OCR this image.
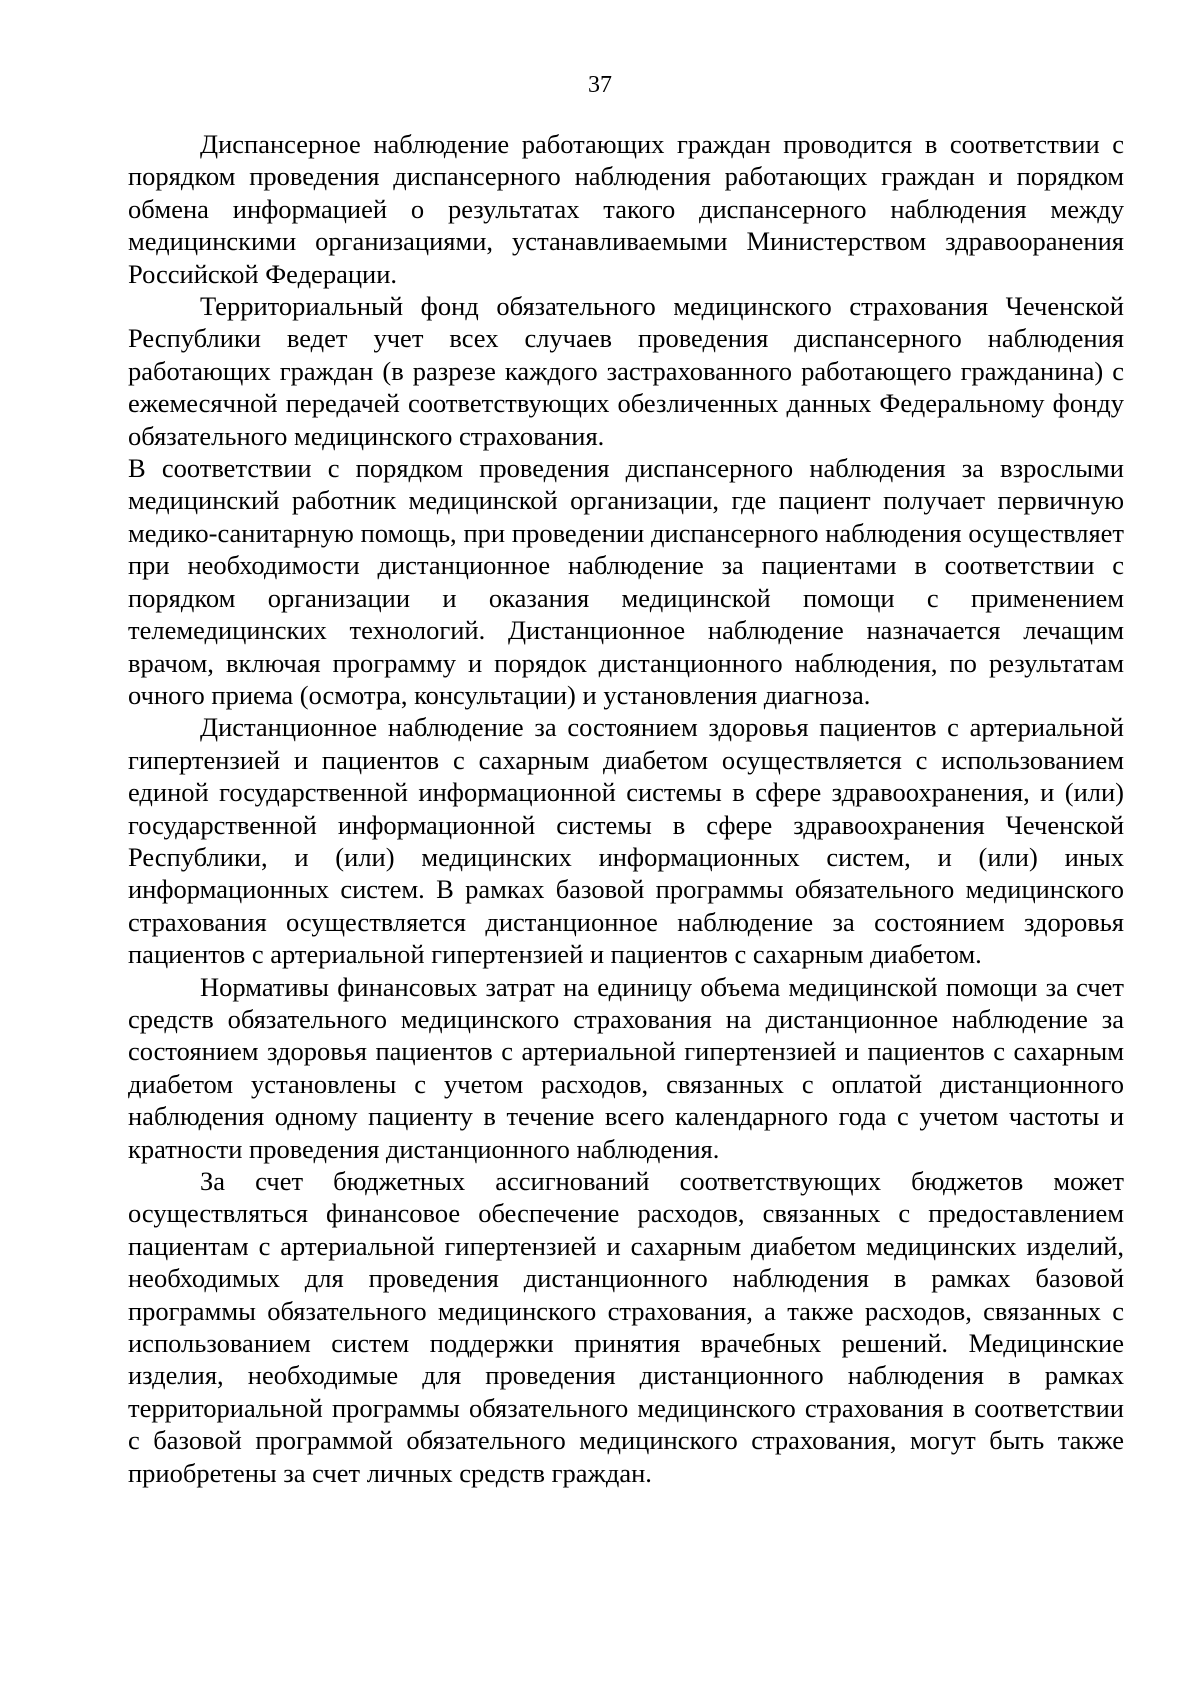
37

Диспансерное наблюдение работающих граждан проводится в соответствии с порядком проведения диспансерного наблюдения работающих граждан и порядком обмена информацией о результатах такого диспансерного наблюдения между медицинскими организациями, устанавливаемыми Министерством здравоoранения Российской Федерации.

Территориальный фонд обязательного медицинского страхования Чеченской Республики ведет учет всех случаев проведения диспансерного наблюдения работающих граждан (в разрезе каждого застрахованного работающего гражданина) с ежемесячной передачей соответствующих обезличенных данных Федеральному фонду обязательного медицинского страхования.

В соответствии с порядком проведения диспансерного наблюдения за взрослыми медицинский работник медицинской организации, где пациент получает первичную медико-санитарную помощь, при проведении диспансерного наблюдения осуществляет при необходимости дистанционное наблюдение за пациентами в соответствии с порядком организации и оказания медицинской помощи с применением телемедицинских технологий. Дистанционное наблюдение назначается лечащим врачом, включая программу и порядок дистанционного наблюдения, по результатам очного приема (осмотра, консультации) и установления диагноза.

Дистанционное наблюдение за состоянием здоровья пациентов с артериальной гипертензией и пациентов с сахарным диабетом осуществляется с использованием единой государственной информационной системы в сфере здравоохранения, и (или) государственной информационной системы в сфере здравоохранения Чеченской Республики, и (или) медицинских информационных систем, и (или) иных информационных систем. В рамках базовой программы обязательного медицинского страхования осуществляется дистанционное наблюдение за состоянием здоровья пациентов с артериальной гипертензией и пациентов с сахарным диабетом.

Нормативы финансовых затрат на единицу объема медицинской помощи за счет средств обязательного медицинского страхования на дистанционное наблюдение за состоянием здоровья пациентов с артериальной гипертензией и пациентов с сахарным диабетом установлены с учетом расходов, связанных с оплатой дистанционного наблюдения одному пациенту в течение всего календарного года с учетом частоты и кратности проведения дистанционного наблюдения.

За счет бюджетных ассигнований соответствующих бюджетов может осуществляться финансовое обеспечение расходов, связанных с предоставлением пациентам с артериальной гипертензией и сахарным диабетом медицинских изделий, необходимых для проведения дистанционного наблюдения в рамках базовой программы обязательного медицинского страхования, а также расходов, связанных с использованием систем поддержки принятия врачебных решений. Медицинские изделия, необходимые для проведения дистанционного наблюдения в рамках территориальной программы обязательного медицинского страхования в соответствии с базовой программой обязательного медицинского страхования, могут быть также приобретены за счет личных средств граждан.
